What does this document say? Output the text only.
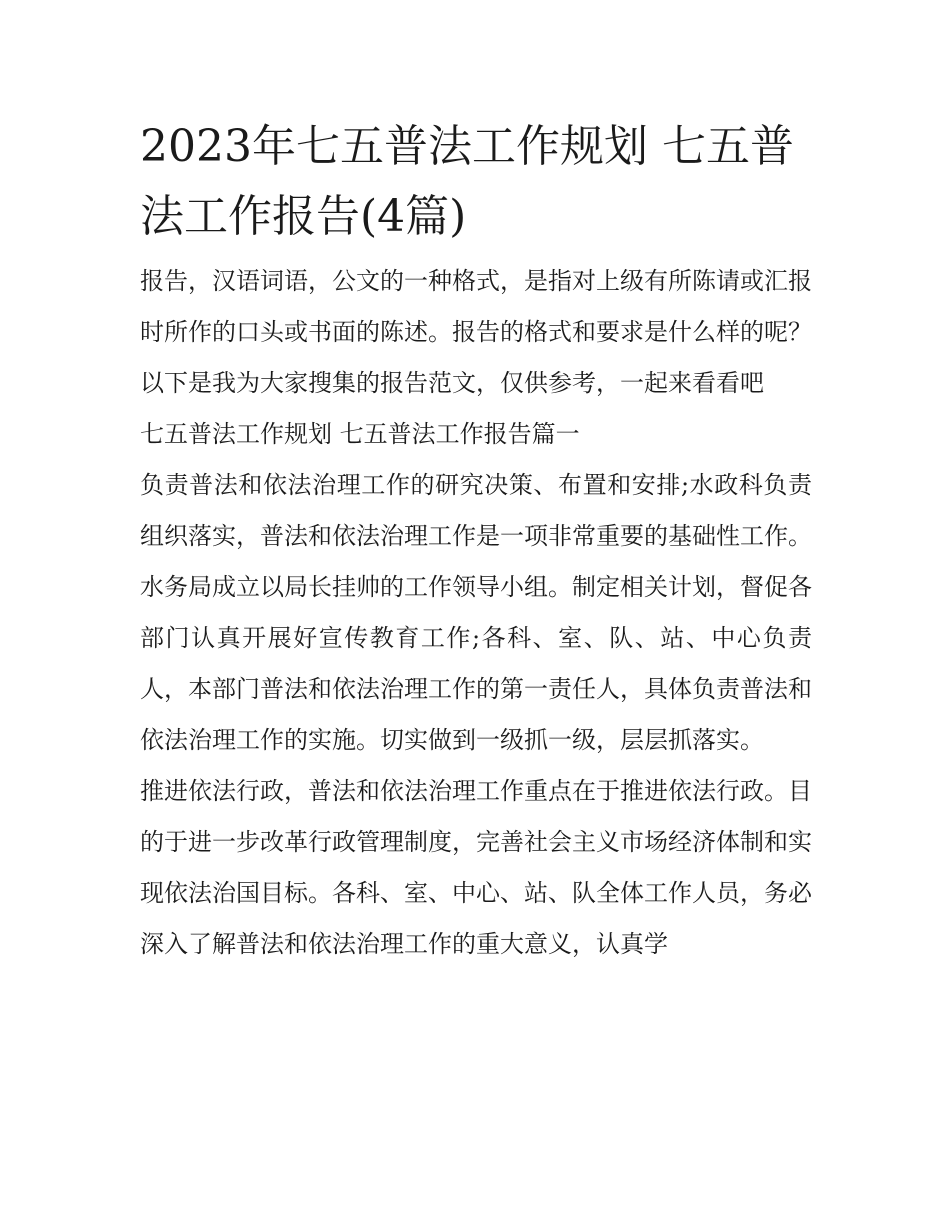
2023年七五普法工作规划 七五普法工作报告(4篇)

报告，汉语词语，公文的一种格式，是指对上级有所陈请或汇报时所作的口头或书面的陈述。报告的格式和要求是什么样的呢？以下是我为大家搜集的报告范文，仅供参考，一起来看看吧

七五普法工作规划 七五普法工作报告篇一

负责普法和依法治理工作的研究决策、布置和安排;水政科负责组织落实，普法和依法治理工作是一项非常重要的基础性工作。水务局成立以局长挂帅的工作领导小组。制定相关计划，督促各部门认真开展好宣传教育工作;各科、室、队、站、中心负责人，本部门普法和依法治理工作的第一责任人，具体负责普法和依法治理工作的实施。切实做到一级抓一级，层层抓落实。

推进依法行政，普法和依法治理工作重点在于推进依法行政。目的于进一步改革行政管理制度，完善社会主义市场经济体制和实现依法治国目标。各科、室、中心、站、队全体工作人员，务必深入了解普法和依法治理工作的重大意义，认真学
